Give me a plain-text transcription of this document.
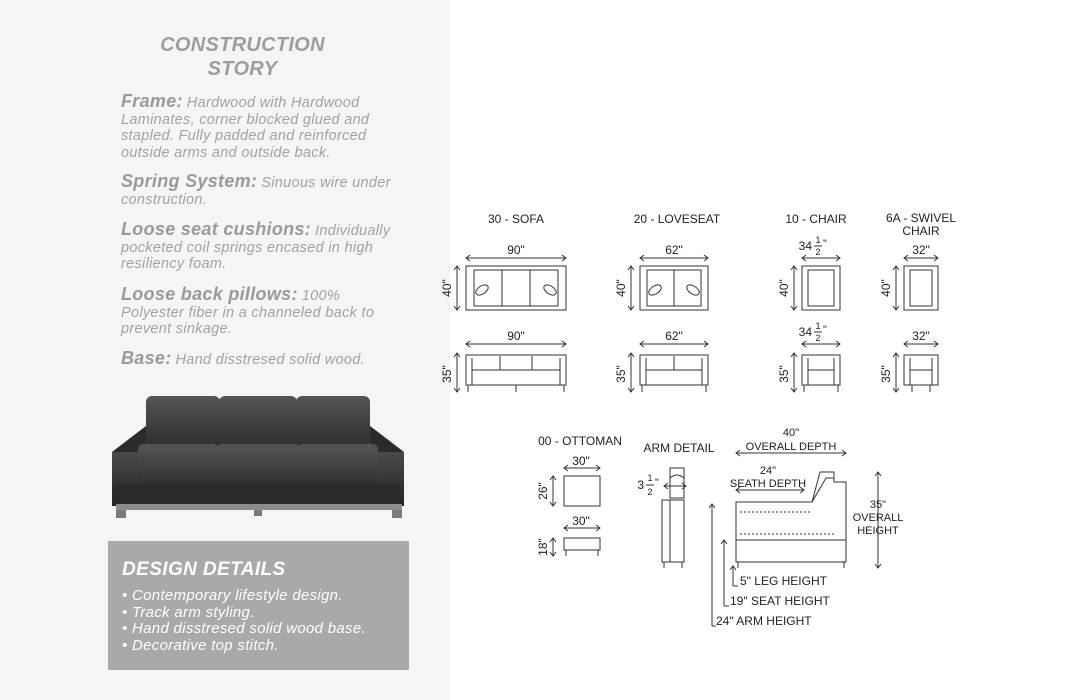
CONSTRUCTION
STORY
Frame: Hardwood with Hardwood Laminates, corner blocked glued and stapled. Fully padded and reinforced outside arms and outside back.
Spring System: Sinuous wire under construction.
Loose seat cushions: Individually pocketed coil springs encased in high resiliency foam.
Loose back pillows: 100% Polyester fiber in a channeled back to prevent sinkage.
Base: Hand disstresed solid wood.
DESIGN DETAILS
• Contemporary lifestyle design.
• Track arm styling.
• Hand disstresed solid wood base.
• Decorative top stitch.
30 - SOFA
90"
40"
90"
35"
20 - LOVESEAT
62"
40"
62"
35"
10 - CHAIR
34 1
2
"
40"
34 1
2
"
35"
6A - SWIVEL
CHAIR
32"
40"
32"
35"
00 - OTTOMAN
30"
26"
30"
18"
ARM DETAIL
3 1
2
"
40"
OVERALL DEPTH
24"
SEATH DEPTH
35"
OVERALL
HEIGHT
5" LEG HEIGHT
19" SEAT HEIGHT
24" ARM HEIGHT
